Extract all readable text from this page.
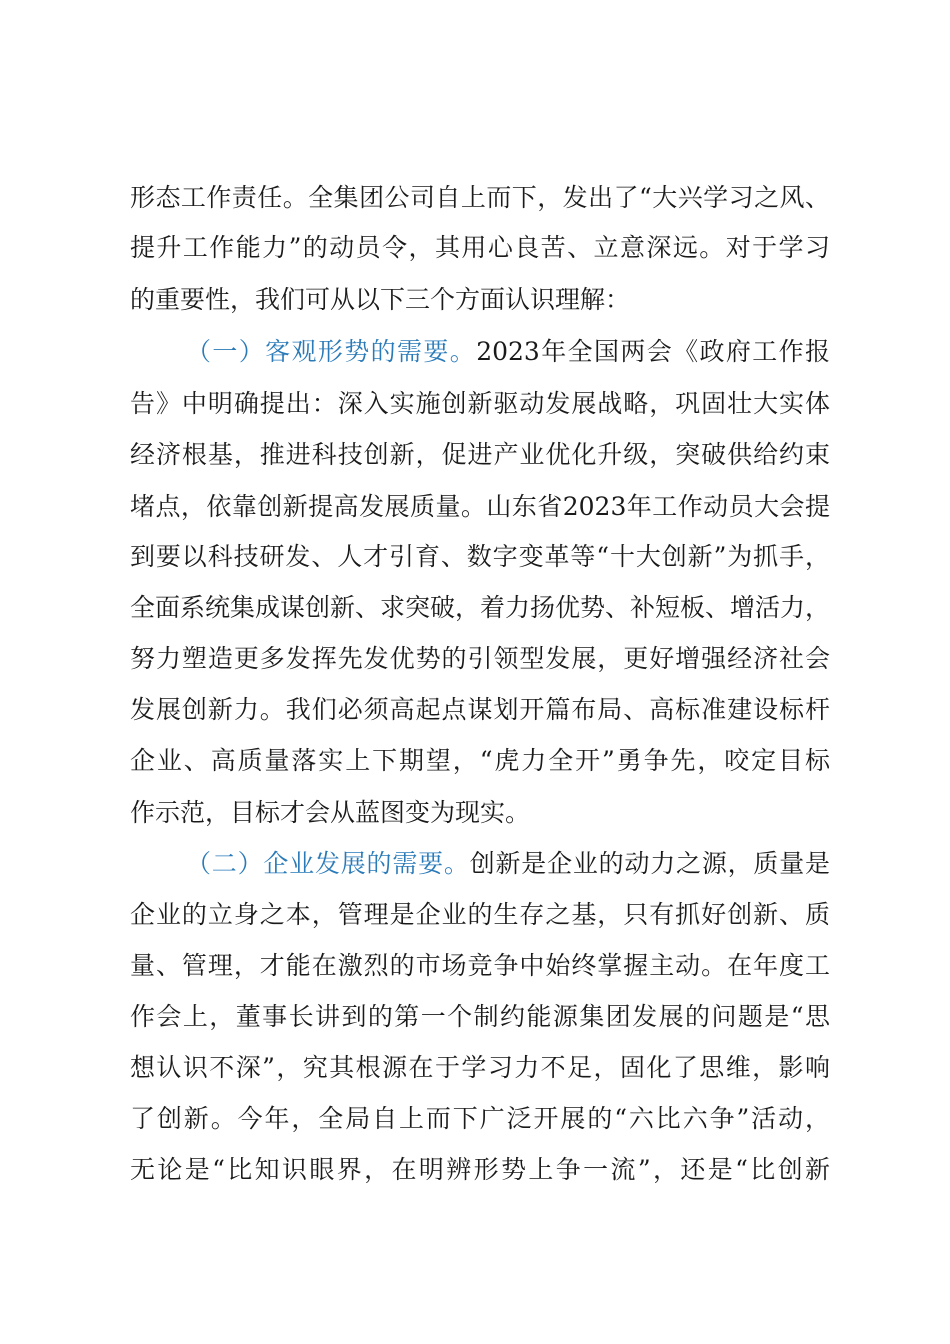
形态工作责任。全集团公司自上而下，发出了“大兴学习之风、
提升工作能力”的动员令，其用心良苦、立意深远。对于学习
的重要性，我们可从以下三个方面认识理解：
（一）客观形势的需要。2023年全国两会《政府工作报
告》中明确提出：深入实施创新驱动发展战略，巩固壮大实体
经济根基，推进科技创新，促进产业优化升级，突破供给约束
堵点，依靠创新提高发展质量。山东省2023年工作动员大会提
到要以科技研发、人才引育、数字变革等“十大创新”为抓手，
全面系统集成谋创新、求突破，着力扬优势、补短板、增活力，
努力塑造更多发挥先发优势的引领型发展，更好增强经济社会
发展创新力。我们必须高起点谋划开篇布局、高标准建设标杆
企业、高质量落实上下期望，“虎力全开”勇争先，咬定目标
作示范，目标才会从蓝图变为现实。
（二）企业发展的需要。创新是企业的动力之源，质量是
企业的立身之本，管理是企业的生存之基，只有抓好创新、质
量、管理，才能在激烈的市场竞争中始终掌握主动。在年度工
作会上，董事长讲到的第一个制约能源集团发展的问题是“思
想认识不深”，究其根源在于学习力不足，固化了思维，影响
了创新。今年，全局自上而下广泛开展的“六比六争”活动，
无论是“比知识眼界，在明辨形势上争一流”，还是“比创新
